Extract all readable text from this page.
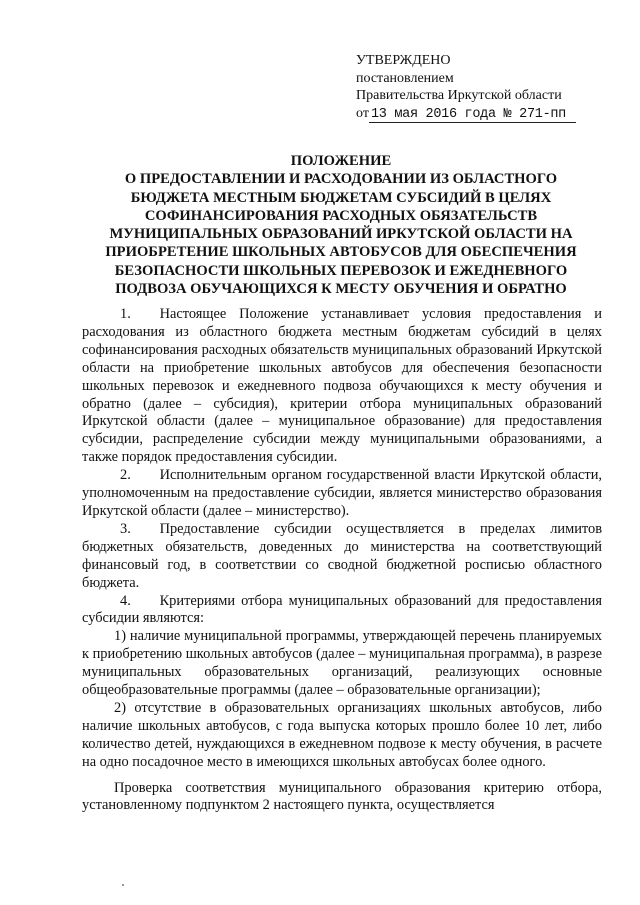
УТВЕРЖДЕНО
постановлением
Правительства Иркутской области
от 13 мая 2016 года № 271-пп
ПОЛОЖЕНИЕ
О ПРЕДОСТАВЛЕНИИ И РАСХОДОВАНИИ ИЗ ОБЛАСТНОГО
БЮДЖЕТА МЕСТНЫМ БЮДЖЕТАМ СУБСИДИЙ В ЦЕЛЯХ
СОФИНАНСИРОВАНИЯ РАСХОДНЫХ ОБЯЗАТЕЛЬСТВ
МУНИЦИПАЛЬНЫХ ОБРАЗОВАНИЙ ИРКУТСКОЙ ОБЛАСТИ НА
ПРИОБРЕТЕНИЕ ШКОЛЬНЫХ АВТОБУСОВ ДЛЯ ОБЕСПЕЧЕНИЯ
БЕЗОПАСНОСТИ ШКОЛЬНЫХ ПЕРЕВОЗОК И ЕЖЕДНЕВНОГО
ПОДВОЗА ОБУЧАЮЩИХСЯ К МЕСТУ ОБУЧЕНИЯ И ОБРАТНО

1.  Настоящее Положение устанавливает условия предоставления и расходования из областного бюджета местным бюджетам субсидий в целях софинансирования расходных обязательств муниципальных образований Иркутской области на приобретение школьных автобусов для обеспечения безопасности школьных перевозок и ежедневного подвоза обучающихся к месту обучения и обратно (далее – субсидия), критерии отбора муниципальных образований Иркутской области (далее – муниципальное образование) для предоставления субсидии, распределение субсидии между муниципальными образованиями, а также порядок предоставления субсидии.

2.  Исполнительным органом государственной власти Иркутской области, уполномоченным на предоставление субсидии, является министерство образования Иркутской области (далее – министерство).

3.  Предоставление субсидии осуществляется в пределах лимитов бюджетных обязательств, доведенных до министерства на соответствующий финансовый год, в соответствии со сводной бюджетной росписью областного бюджета.

4.  Критериями отбора муниципальных образований для предоставления субсидии являются:

1) наличие муниципальной программы, утверждающей перечень планируемых к приобретению школьных автобусов (далее – муниципальная программа), в разрезе муниципальных образовательных организаций, реализующих основные общеобразовательные программы (далее – образовательные организации);

2) отсутствие в образовательных организациях школьных автобусов, либо наличие школьных автобусов, с года выпуска которых прошло более 10 лет, либо количество детей, нуждающихся в ежедневном подвозе к месту обучения, в расчете на одно посадочное место в имеющихся школьных автобусах более одного.

Проверка соответствия муниципального образования критерию отбора, установленному подпунктом 2 настоящего пункта, осуществляется
